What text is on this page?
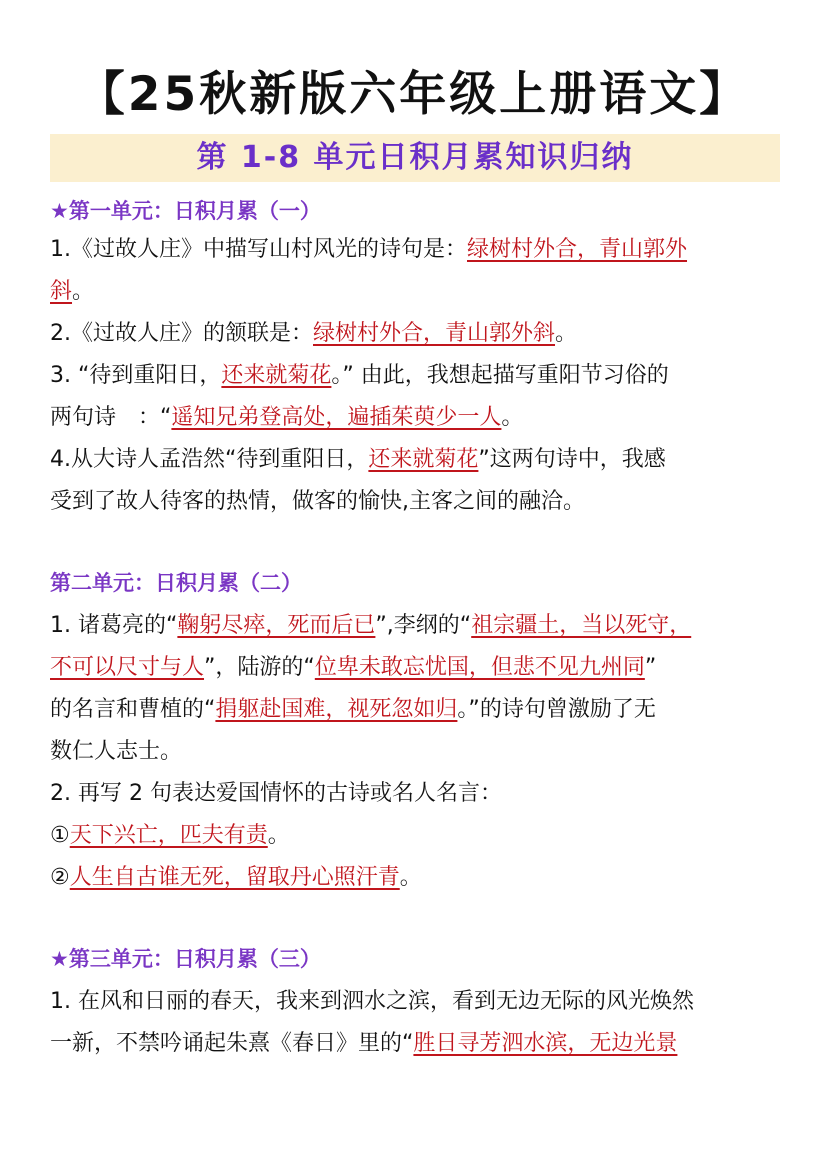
【25秋新版六年级上册语文】
第 1-8 单元日积月累知识归纳
★第一单元：日积月累（一）
1.《过故人庄》中描写山村风光的诗句是：绿树村外合，青山郭外
斜。
2.《过故人庄》的颔联是：绿树村外合，青山郭外斜。
3. “待到重阳日，还来就菊花。” 由此，我想起描写重阳节习俗的
两句诗　：“遥知兄弟登高处，遍插茱萸少一人。
4.从大诗人孟浩然“待到重阳日，还来就菊花”这两句诗中，我感
受到了故人待客的热情，做客的愉快,主客之间的融洽。
第二单元：日积月累（二）
1. 诸葛亮的“鞠躬尽瘁，死而后已”,李纲的“祖宗疆土，当以死守，
不可以尺寸与人”，陆游的“位卑未敢忘忧国，但悲不见九州同”
的名言和曹植的“捐躯赴国难，视死忽如归。”的诗句曾激励了无
数仁人志士。
2. 再写 2 句表达爱国情怀的古诗或名人名言：
①天下兴亡，匹夫有责。
②人生自古谁无死，留取丹心照汗青。
★第三单元：日积月累（三）
1. 在风和日丽的春天，我来到泗水之滨，看到无边无际的风光焕然
一新，不禁吟诵起朱熹《春日》里的“胜日寻芳泗水滨，无边光景
